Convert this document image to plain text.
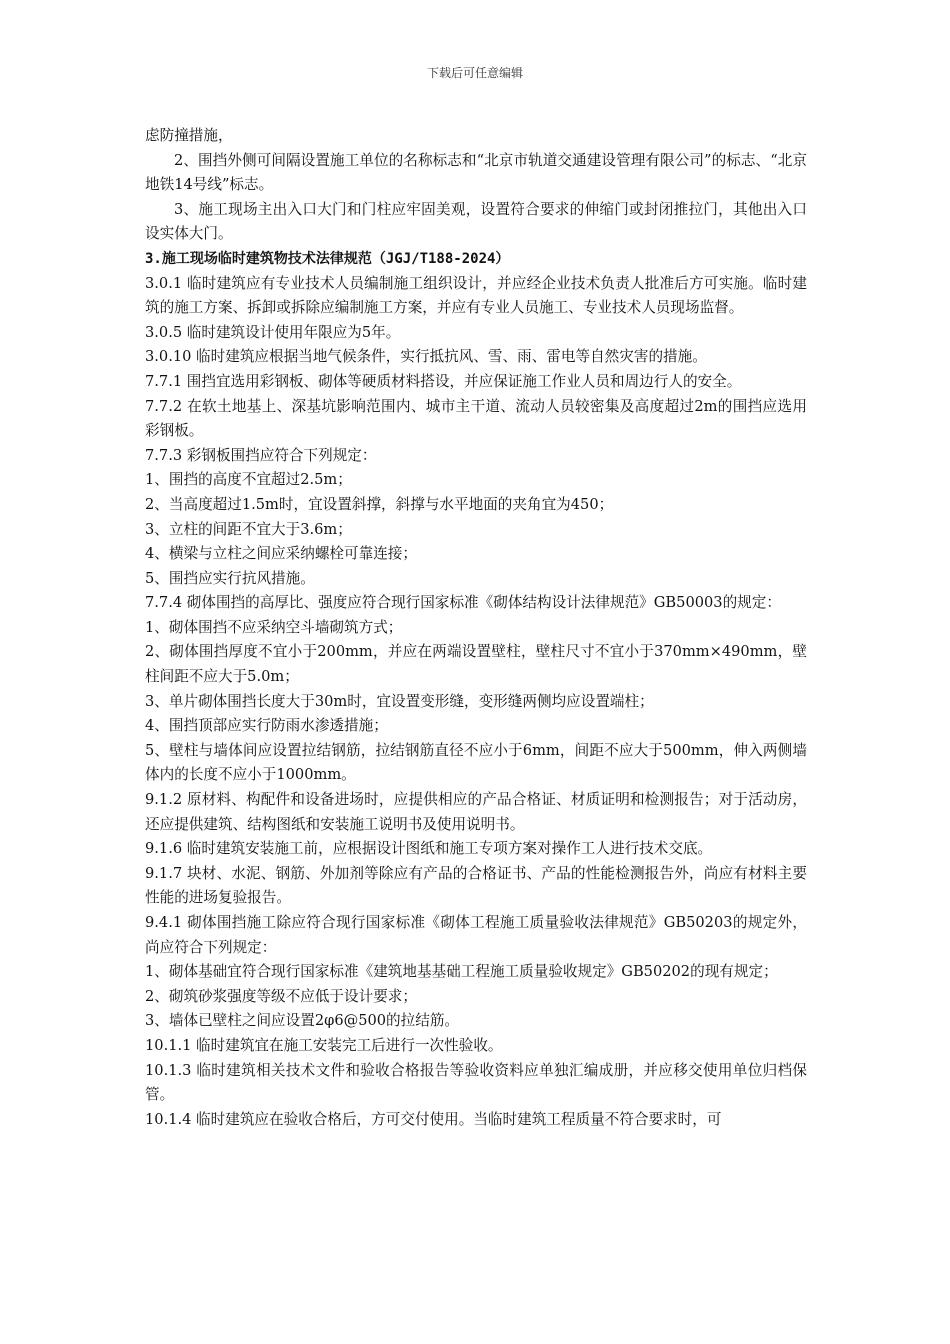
下载后可任意编辑

虑防撞措施，

2、围挡外侧可间隔设置施工单位的名称标志和“北京市轨道交通建设管理有限公司”的标志、“北京地铁14号线”标志。

3、施工现场主出入口大门和门柱应牢固美观，设置符合要求的伸缩门或封闭推拉门，其他出入口设实体大门。

3.施工现场临时建筑物技术法律规范（JGJ/T188-2024）

3.0.1 临时建筑应有专业技术人员编制施工组织设计，并应经企业技术负责人批准后方可实施。临时建筑的施工方案、拆卸或拆除应编制施工方案，并应有专业人员施工、专业技术人员现场监督。

3.0.5 临时建筑设计使用年限应为5年。

3.0.10 临时建筑应根据当地气候条件，实行抵抗风、雪、雨、雷电等自然灾害的措施。

7.7.1 围挡宜选用彩钢板、砌体等硬质材料搭设，并应保证施工作业人员和周边行人的安全。

7.7.2 在软土地基上、深基坑影响范围内、城市主干道、流动人员较密集及高度超过2m的围挡应选用彩钢板。

7.7.3 彩钢板围挡应符合下列规定：

1、围挡的高度不宜超过2.5m；

2、当高度超过1.5m时，宜设置斜撑，斜撑与水平地面的夹角宜为450；

3、立柱的间距不宜大于3.6m；

4、横梁与立柱之间应采纳螺栓可靠连接；

5、围挡应实行抗风措施。

7.7.4 砌体围挡的高厚比、强度应符合现行国家标准《砌体结构设计法律规范》GB50003的规定：

1、砌体围挡不应采纳空斗墙砌筑方式；

2、砌体围挡厚度不宜小于200mm，并应在两端设置壁柱，壁柱尺寸不宜小于370mm×490mm，壁柱间距不应大于5.0m；

3、单片砌体围挡长度大于30m时，宜设置变形缝，变形缝两侧均应设置端柱；

4、围挡顶部应实行防雨水渗透措施；

5、壁柱与墙体间应设置拉结钢筋，拉结钢筋直径不应小于6mm，间距不应大于500mm，伸入两侧墙体内的长度不应小于1000mm。

9.1.2 原材料、构配件和设备进场时，应提供相应的产品合格证、材质证明和检测报告；对于活动房，还应提供建筑、结构图纸和安装施工说明书及使用说明书。

9.1.6 临时建筑安装施工前，应根据设计图纸和施工专项方案对操作工人进行技术交底。

9.1.7 块材、水泥、钢筋、外加剂等除应有产品的合格证书、产品的性能检测报告外，尚应有材料主要性能的进场复验报告。

9.4.1 砌体围挡施工除应符合现行国家标准《砌体工程施工质量验收法律规范》GB50203的规定外，尚应符合下列规定：

1、砌体基础宜符合现行国家标准《建筑地基基础工程施工质量验收规定》GB50202的现有规定；

2、砌筑砂浆强度等级不应低于设计要求；

3、墙体已壁柱之间应设置2φ6@500的拉结筋。

10.1.1 临时建筑宜在施工安装完工后进行一次性验收。

10.1.3 临时建筑相关技术文件和验收合格报告等验收资料应单独汇编成册，并应移交使用单位归档保管。

10.1.4 临时建筑应在验收合格后，方可交付使用。当临时建筑工程质量不符合要求时，可
